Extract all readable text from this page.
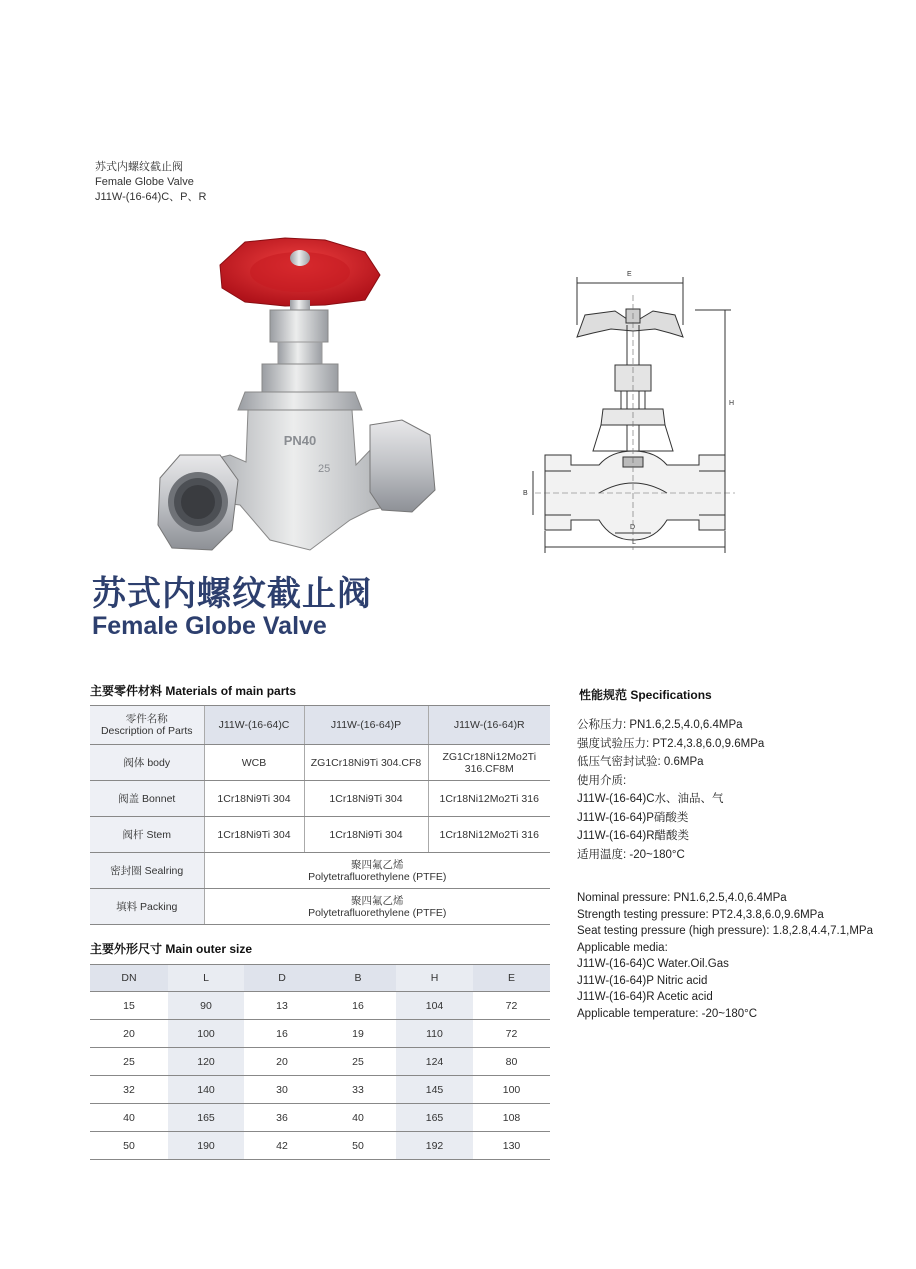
苏式内螺纹截止阀
Female Globe Valve
J11W-(16-64)C、P、R
PN40
25
E
H
B
D
L
苏式内螺纹截止阀
Female Globe Valve
主要零件材料 Materials of main parts
零件名称
Description of Parts	J11W-(16-64)C	J11W-(16-64)P	J11W-(16-64)R
阀体 body	WCB	ZG1Cr18Ni9Ti 304.CF8	ZG1Cr18Ni12Mo2Ti
316.CF8M

阀盖 Bonnet	1Cr18Ni9Ti 304	1Cr18Ni9Ti 304	1Cr18Ni12Mo2Ti 316
阀杆 Stem	1Cr18Ni9Ti 304	1Cr18Ni9Ti 304	1Cr18Ni12Mo2Ti 316
密封圈 Sealring	聚四氟乙烯
Polytetrafluorethylene (PTFE)		

填料 Packing	聚四氟乙烯
Polytetrafluorethylene (PTFE)		
主要外形尺寸 Main outer size
DN	L	D	B	H	E
15	90	13	16	104	72
20	100	16	19	110	72
25	120	20	25	124	80
32	140	30	33	145	100
40	165	36	40	165	108
50	190	42	50	192	130
性能规范 Specifications
公称压力: PN1.6,2.5,4.0,6.4MPa
强度试验压力: PT2.4,3.8,6.0,9.6MPa
低压气密封试验: 0.6MPa
使用介质:
J11W-(16-64)C水、油品、气
J11W-(16-64)P硝酸类
J11W-(16-64)R醋酸类
适用温度: -20~180°C
Nominal pressure: PN1.6,2.5,4.0,6.4MPa
Strength testing pressure: PT2.4,3.8,6.0,9.6MPa
Seat testing pressure (high pressure): 1.8,2.8,4.4,7.1,MPa
Applicable media:
J11W-(16-64)C Water.Oil.Gas
J11W-(16-64)P Nitric acid
J11W-(16-64)R Acetic acid
Applicable temperature: -20~180°C
